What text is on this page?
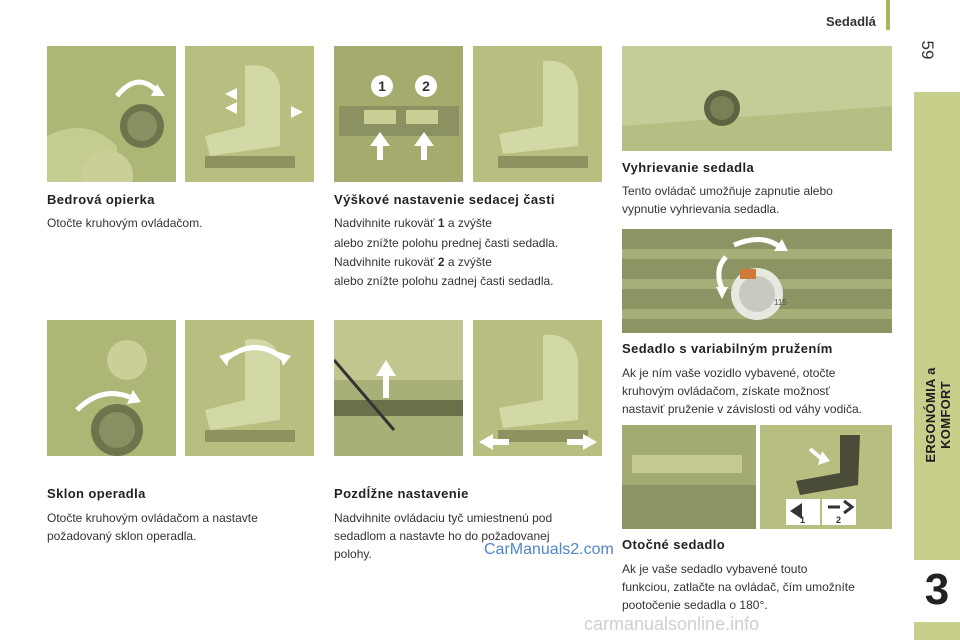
Sedadlá
59
ERGONÓMIA a KOMFORT
3
1	2
Bedrová opierka

Otočte kruhovým ovládačom.

Výškové nastavenie sedacej časti

Nadvihnite rukoväť 1 a zvýšte

alebo znížte polohu prednej časti sedadla.

Nadvihnite rukoväť 2 a zvýšte

alebo znížte polohu zadnej časti sedadla.

Vyhrievanie sedadla

Tento ovládač umožňuje zapnutie alebo

vypnutie vyhrievania sedadla.

115
Sedadlo s variabilným pružením

Ak je ním vaše vozidlo vybavené, otočte

kruhovým ovládačom, získate možnosť

nastaviť pruženie v závislosti od váhy vodiča.

1	2
Sklon operadla

Otočte kruhovým ovládačom a nastavte

požadovaný sklon operadla.

Pozdĺžne nastavenie

Nadvihnite ovládaciu tyč umiestnenú pod

sedadlom a nastavte ho do požadovanej

polohy.

Otočné sedadlo

Ak je vaše sedadlo vybavené touto

funkciou, zatlačte na ovládač, čím umožníte

pootočenie sedadla o 180°.

CarManuals2.com
carmanualsonline.info
